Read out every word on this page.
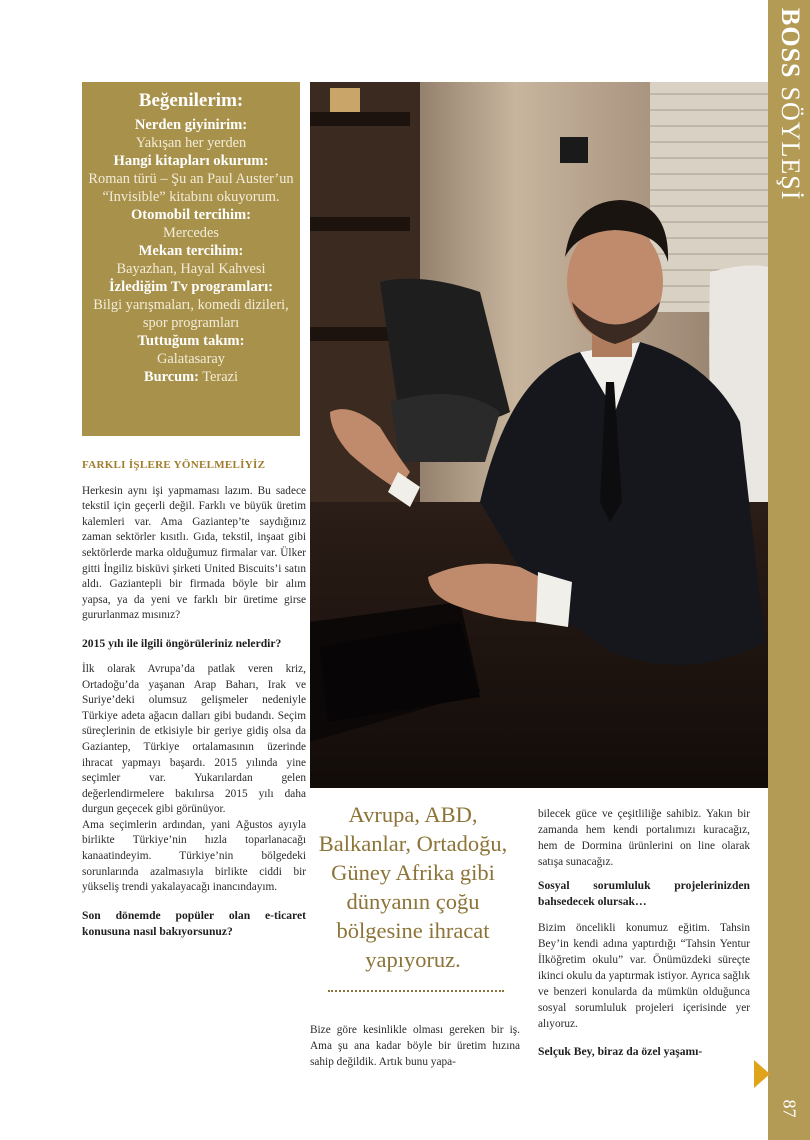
BOSSSÖYLEŞİ
87
Beğenilerim:
Nerden giyinirim:
Yakışan her yerden
Hangi kitapları okurum:
Roman türü – Şu an Paul Auster’un “Invisible” kitabını okuyorum.
Otomobil tercihim:
Mercedes
Mekan tercihim:
Bayazhan, Hayal Kahvesi
İzlediğim Tv programları:
Bilgi yarışmaları, komedi dizileri, spor programları
Tuttuğum takım:
Galatasaray
Burcum: Terazi
FARKLI İŞLERE YÖNELMELİYİZ

Herkesin aynı işi yapmaması lazım. Bu sadece tekstil için geçerli değil. Farklı ve büyük üretim kalemleri var. Ama Gaziantep’te saydığınız zaman sektörler kısıtlı. Gıda, tekstil, inşaat gibi sektörlerde marka olduğumuz firmalar var. Ülker gitti İngiliz bisküvi şirketi United Biscuits’i satın aldı. Gaziantepli bir firmada böyle bir alım yapsa, ya da yeni ve farklı bir üretime girse gururlanmaz mısınız?

2015 yılı ile ilgili öngörüleriniz nelerdir?

İlk olarak Avrupa’da patlak veren kriz, Ortadoğu’da yaşanan Arap Baharı, Irak ve Suriye’deki olumsuz gelişmeler nedeniyle Türkiye adeta ağacın dalları gibi budandı. Seçim süreçlerinin de etkisiyle bir geriye gidiş olsa da Gaziantep, Türkiye ortalamasının üzerinde ihracat yapmayı başardı. 2015 yılında yine seçimler var. Yukarılardan gelen değerlendirmelere bakılırsa 2015 yılı daha durgun geçecek gibi görünüyor.

Ama seçimlerin ardından, yani Ağustos ayıyla birlikte Türkiye’nin hızla toparlanacağı kanaatindeyim. Türkiye’nin bölgedeki sorunlarında azalmasıyla birlikte ciddi bir yükseliş trendi yakalayacağı inancındayım.

Son dönemde popüler olan e-ticaret konusuna nasıl bakıyorsunuz?

Avrupa, ABD, Balkanlar, Ortadoğu, Güney Afrika gibi dünyanın çoğu bölgesine ihracat yapıyoruz.
Bize göre kesinlikle olması gereken bir iş. Ama şu ana kadar böyle bir üretim hızına sahip değildik. Artık bunu yapa-

bilecek güce ve çeşitliliğe sahibiz. Yakın bir zamanda hem kendi portalımızı kuracağız, hem de Dormina ürünlerini on line olarak satışa sunacağız.

Sosyal sorumluluk projelerinizden bahsedecek olursak…

Bizim öncelikli konumuz eğitim. Tahsin Bey’in kendi adına yaptırdığı “Tahsin Yentur İlköğretim okulu” var. Önümüzdeki süreçte ikinci okulu da yaptırmak istiyor. Ayrıca sağlık ve benzeri konularda da mümkün olduğunca sosyal sorumluluk projeleri içerisinde yer alıyoruz.

Selçuk Bey, biraz da özel yaşamı-
